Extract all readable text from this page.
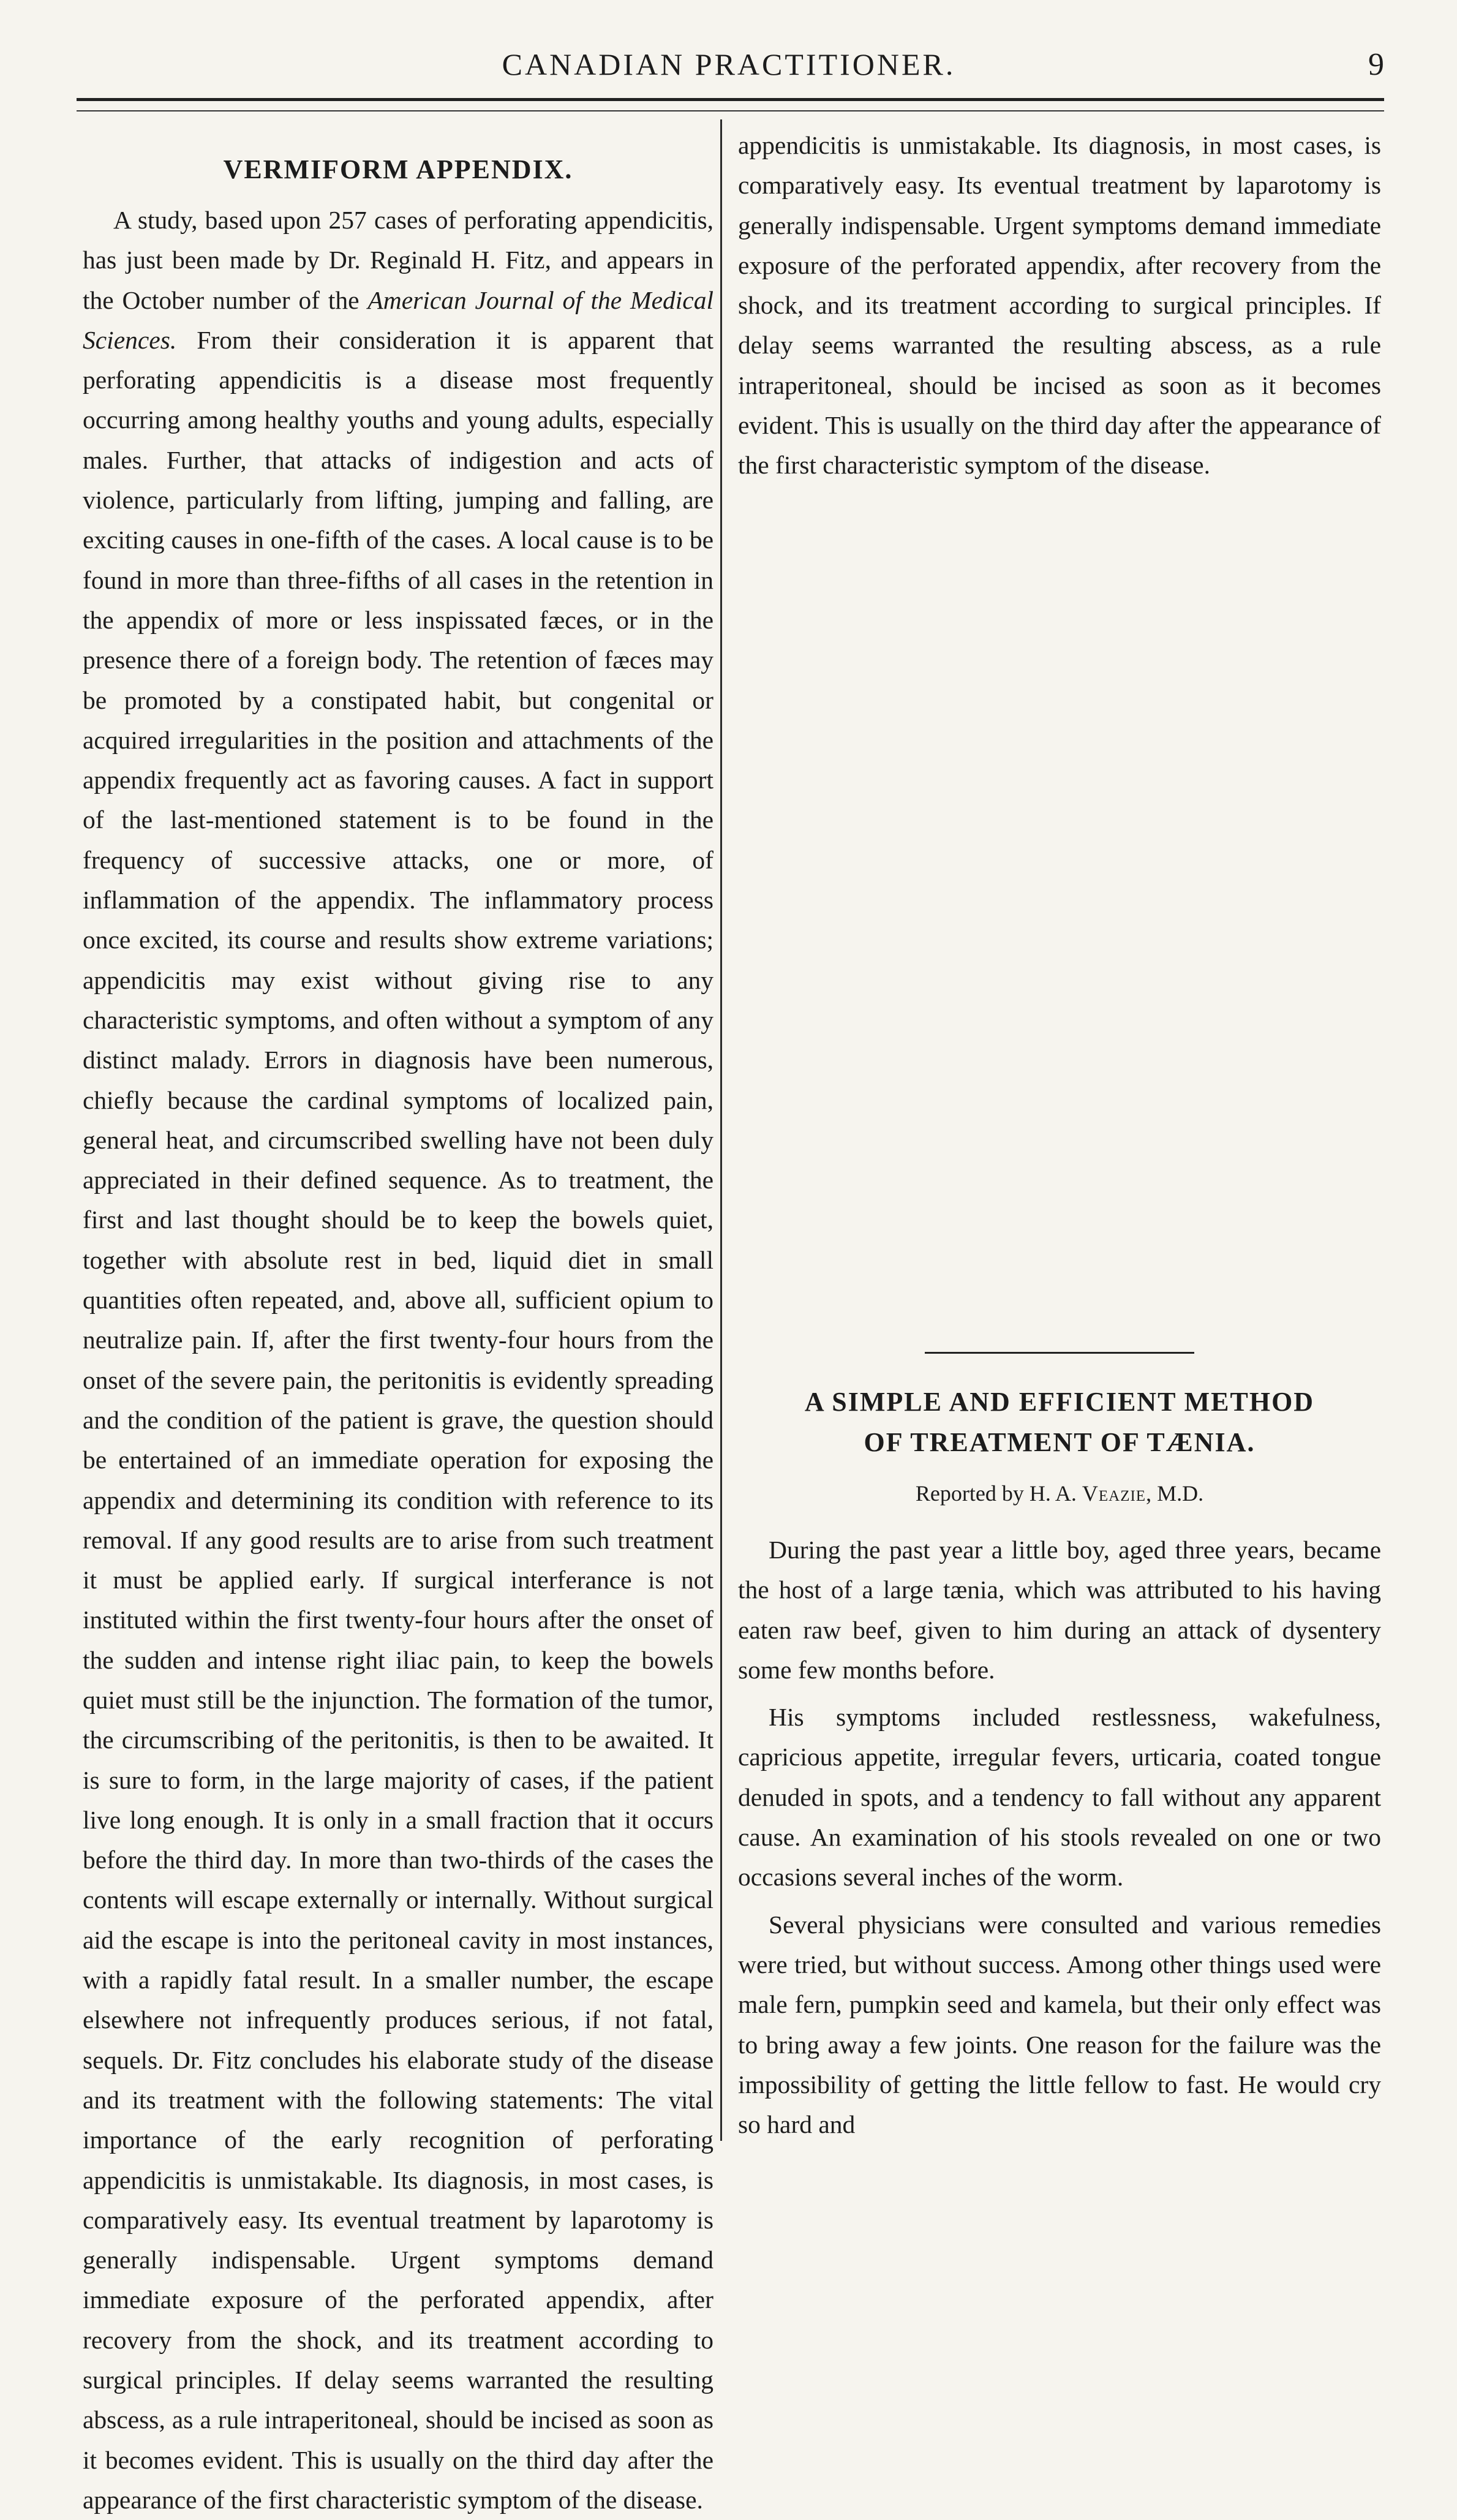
CANADIAN PRACTITIONER.	9
VERMIFORM APPENDIX.

A study, based upon 257 cases of perforating appendicitis, has just been made by Dr. Reginald H. Fitz, and appears in the October number of the American Journal of the Medical Sciences. From their consideration it is apparent that perforating appendicitis is a disease most frequently occurring among healthy youths and young adults, especially males. Further, that attacks of indigestion and acts of violence, particularly from lifting, jumping and falling, are exciting causes in one-fifth of the cases. A local cause is to be found in more than three-fifths of all cases in the retention in the appendix of more or less inspissated fæces, or in the presence there of a foreign body. The retention of fæces may be promoted by a constipated habit, but congenital or acquired irregularities in the position and attachments of the appendix frequently act as favoring causes. A fact in support of the last-mentioned statement is to be found in the frequency of successive attacks, one or more, of inflammation of the appendix. The inflammatory process once excited, its course and results show extreme variations; appendicitis may exist without giving rise to any characteristic symptoms, and often without a symptom of any distinct malady. Errors in diagnosis have been numerous, chiefly because the cardinal symptoms of localized pain, general heat, and circumscribed swelling have not been duly appreciated in their defined sequence. As to treatment, the first and last thought should be to keep the bowels quiet, together with absolute rest in bed, liquid diet in small quantities often repeated, and, above all, sufficient opium to neutralize pain. If, after the first twenty-four hours from the onset of the severe pain, the peritonitis is evidently spreading and the condition of the patient is grave, the question should be entertained of an immediate operation for exposing the appendix and determining its condition with reference to its removal. If any good results are to arise from such treatment it must be applied early. If surgical interferance is not instituted within the first twenty-four hours after the onset of the sudden and intense right iliac pain, to keep the bowels quiet must still be the injunction. The formation of the tumor, the circumscribing of the peritonitis, is then to be awaited. It is sure to form, in the large majority of cases, if the patient live long enough. It is only in a small fraction that it occurs before the third day. In more than two-thirds of the cases the contents will escape externally or internally. Without surgical aid the escape is into the peritoneal cavity in most instances, with a rapidly fatal result. In a smaller number, the escape elsewhere not infrequently produces serious, if not fatal, sequels. Dr. Fitz concludes his elaborate study of the disease and its treatment with the following statements: The vital importance of the early recognition of perforating appendicitis is unmistakable. Its diagnosis, in most cases, is comparatively easy. Its eventual treatment by laparotomy is generally indispensable. Urgent symptoms demand immediate exposure of the perforated appendix, after recovery from the shock, and its treatment according to surgical principles. If delay seems warranted the resulting abscess, as a rule intraperitoneal, should be incised as soon as it becomes evident. This is usually on the third day after the appearance of the first characteristic symptom of the disease.

appendicitis is unmistakable. Its diagnosis, in most cases, is comparatively easy. Its eventual treatment by laparotomy is generally indispensable. Urgent symptoms demand immediate exposure of the perforated appendix, after recovery from the shock, and its treatment according to surgical principles. If delay seems warranted the resulting abscess, as a rule intraperitoneal, should be incised as soon as it becomes evident. This is usually on the third day after the appearance of the first characteristic symptom of the disease.

A SIMPLE AND EFFICIENT METHOD
OF TREATMENT OF TÆNIA.
Reported by H. A. Veazie, M.D.

During the past year a little boy, aged three years, became the host of a large tænia, which was attributed to his having eaten raw beef, given to him during an attack of dysentery some few months before.

His symptoms included restlessness, wakefulness, capricious appetite, irregular fevers, urticaria, coated tongue denuded in spots, and a tendency to fall without any apparent cause. An examination of his stools revealed on one or two occasions several inches of the worm.

Several physicians were consulted and various remedies were tried, but without success. Among other things used were male fern, pumpkin seed and kamela, but their only effect was to bring away a few joints. One reason for the failure was the impossibility of getting the little fellow to fast. He would cry so hard and
